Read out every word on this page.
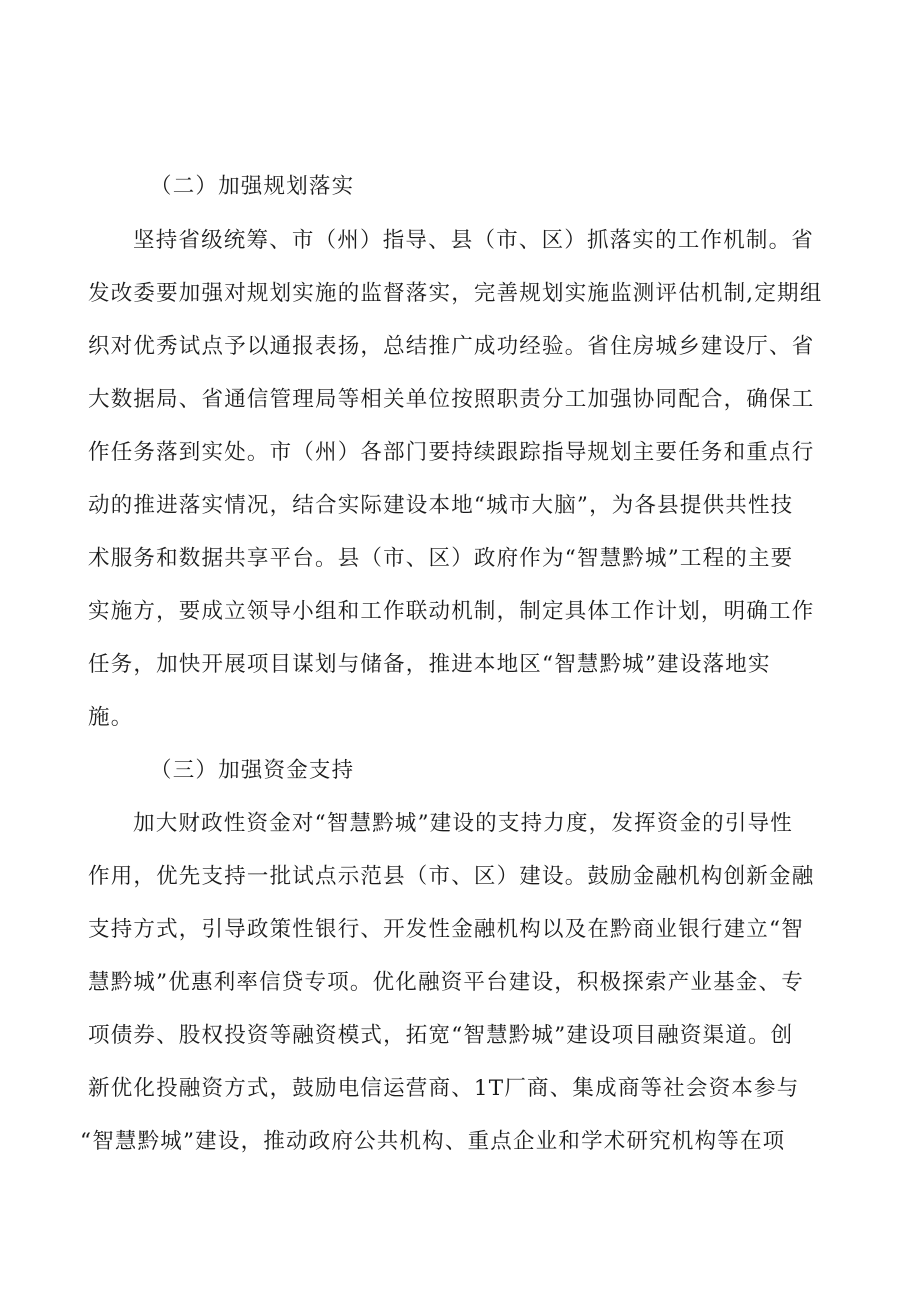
（二）加强规划落实
坚持省级统筹、市（州）指导、县（市、区）抓落实的工作机制。省
发改委要加强对规划实施的监督落实，完善规划实施监测评估机制,定期组
织对优秀试点予以通报表扬，总结推广成功经验。省住房城乡建设厅、省
大数据局、省通信管理局等相关单位按照职责分工加强协同配合，确保工
作任务落到实处。市（州）各部门要持续跟踪指导规划主要任务和重点行
动的推进落实情况，结合实际建设本地“城市大脑”，为各县提供共性技
术服务和数据共享平台。县（市、区）政府作为“智慧黔城”工程的主要
实施方，要成立领导小组和工作联动机制，制定具体工作计划，明确工作
任务，加快开展项目谋划与储备，推进本地区“智慧黔城”建设落地实
施。
（三）加强资金支持
加大财政性资金对“智慧黔城”建设的支持力度，发挥资金的引导性
作用，优先支持一批试点示范县（市、区）建设。鼓励金融机构创新金融
支持方式，引导政策性银行、开发性金融机构以及在黔商业银行建立“智
慧黔城”优惠利率信贷专项。优化融资平台建设，积极探索产业基金、专
项债券、股权投资等融资模式，拓宽“智慧黔城”建设项目融资渠道。创
新优化投融资方式，鼓励电信运营商、1T厂商、集成商等社会资本参与
“智慧黔城”建设，推动政府公共机构、重点企业和学术研究机构等在项
